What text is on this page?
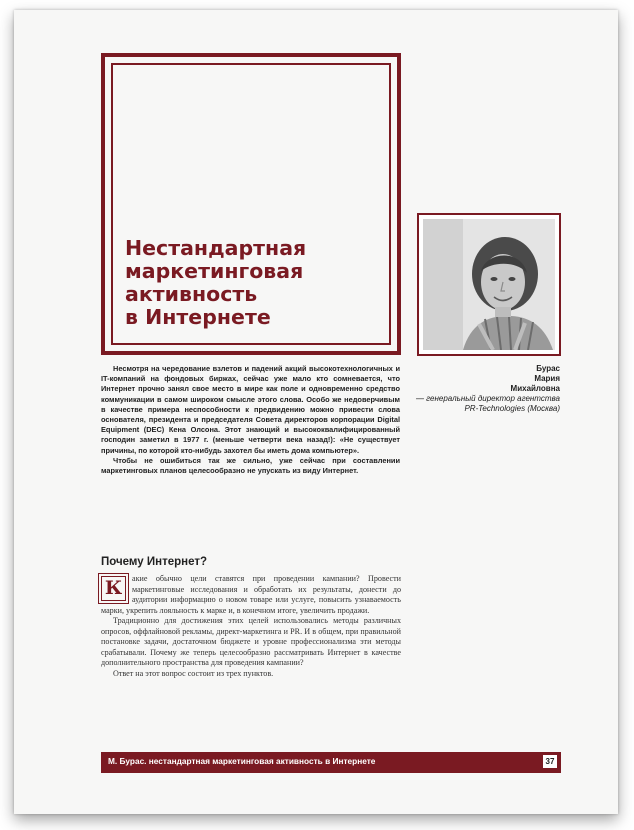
Нестандартная
маркетинговая
активность
в Интернете
Бурас
Мария
Михайловна
— генеральный директор агентства PR-Technologies (Москва)

Несмотря на чередование взлетов и падений акций высокотехнологичных и IT-компаний на фондовых биржах, сейчас уже мало кто сомневается, что Интернет прочно занял свое место в мире как поле и одновременно средство коммуникации в самом широком смысле этого слова. Особо же недоверчивым в качестве примера неспособности к предвидению можно привести слова основателя, президента и председателя Совета директоров корпорации Digital Equipment (DEC) Кена Олсона. Этот знающий и высококвалифицированный господин заметил в 1977 г. (меньше четверти века назад!): «Не существует причины, по которой кто-нибудь захотел бы иметь дома компьютер».

Чтобы не ошибиться так же сильно, уже сейчас при составлении маркетинговых планов целесообразно не упускать из виду Интернет.

Почему Интернет?

К	акие обычно цели ставятся при проведении кампании? Провести маркетинговые исследования и обработать их результаты, донести до аудитории информацию о новом товаре или услуге, повысить узнаваемость марки, укрепить лояльность к марке и, в конечном итоге, увеличить продажи.

Традиционно для достижения этих целей использовались методы различных опросов, оффлайновой рекламы, директ-маркетинга и PR. И в общем, при правильной постановке задачи, достаточном бюджете и уровне профессионализма эти методы срабатывали. Почему же теперь целесообразно рассматривать Интернет в качестве дополнительного пространства для проведения кампании?

Ответ на этот вопрос состоит из трех пунктов.

М. Бурас. нестандартная маркетинговая активность в Интернете	37
